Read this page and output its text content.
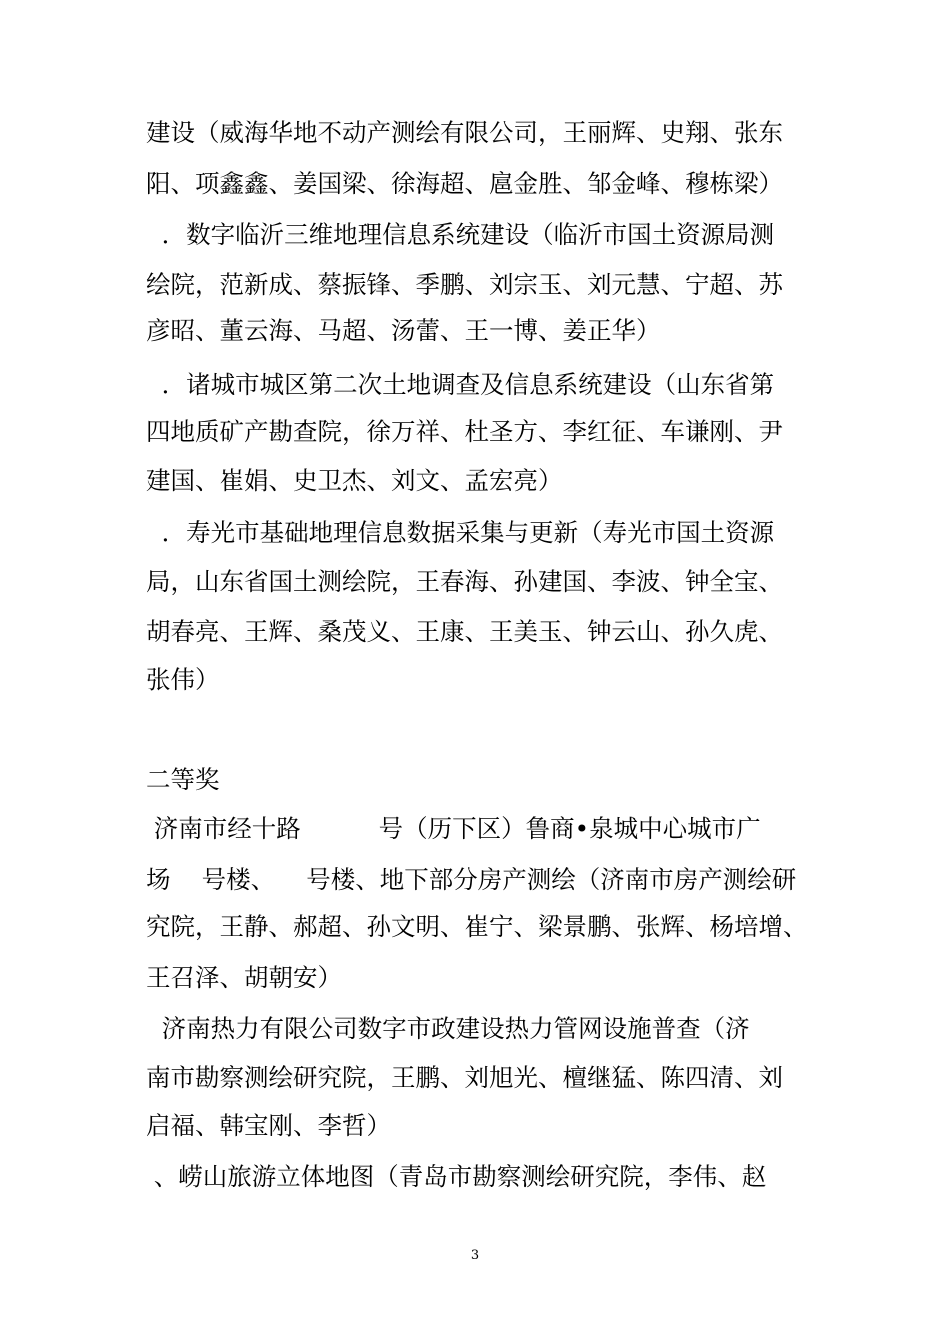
建设（威海华地不动产测绘有限公司，王丽辉、史翔、张东
阳、项鑫鑫、姜国梁、徐海超、扈金胜、邹金峰、穆栋梁）
．数字临沂三维地理信息系统建设（临沂市国土资源局测
绘院，范新成、蔡振锋、季鹏、刘宗玉、刘元慧、宁超、苏
彦昭、董云海、马超、汤蕾、王一博、姜正华）
．诸城市城区第二次土地调查及信息系统建设（山东省第
四地质矿产勘查院，徐万祥、杜圣方、李红征、车谦刚、尹
建国、崔娟、史卫杰、刘文、孟宏亮）
．寿光市基础地理信息数据采集与更新（寿光市国土资源
局，山东省国土测绘院，王春海、孙建国、李波、钟全宝、
胡春亮、王辉、桑茂义、王康、王美玉、钟云山、孙久虎、
张伟）
二等奖
济南市经十路          号（历下区）鲁商•泉城中心城市广
场    号楼、    号楼、地下部分房产测绘（济南市房产测绘研
究院，王静、郝超、孙文明、崔宁、梁景鹏、张辉、杨培增、
王召泽、胡朝安）
济南热力有限公司数字市政建设热力管网设施普查（济
南市勘察测绘研究院，王鹏、刘旭光、檀继猛、陈四清、刘
启福、韩宝刚、李哲）
、崂山旅游立体地图（青岛市勘察测绘研究院，李伟、赵
3
